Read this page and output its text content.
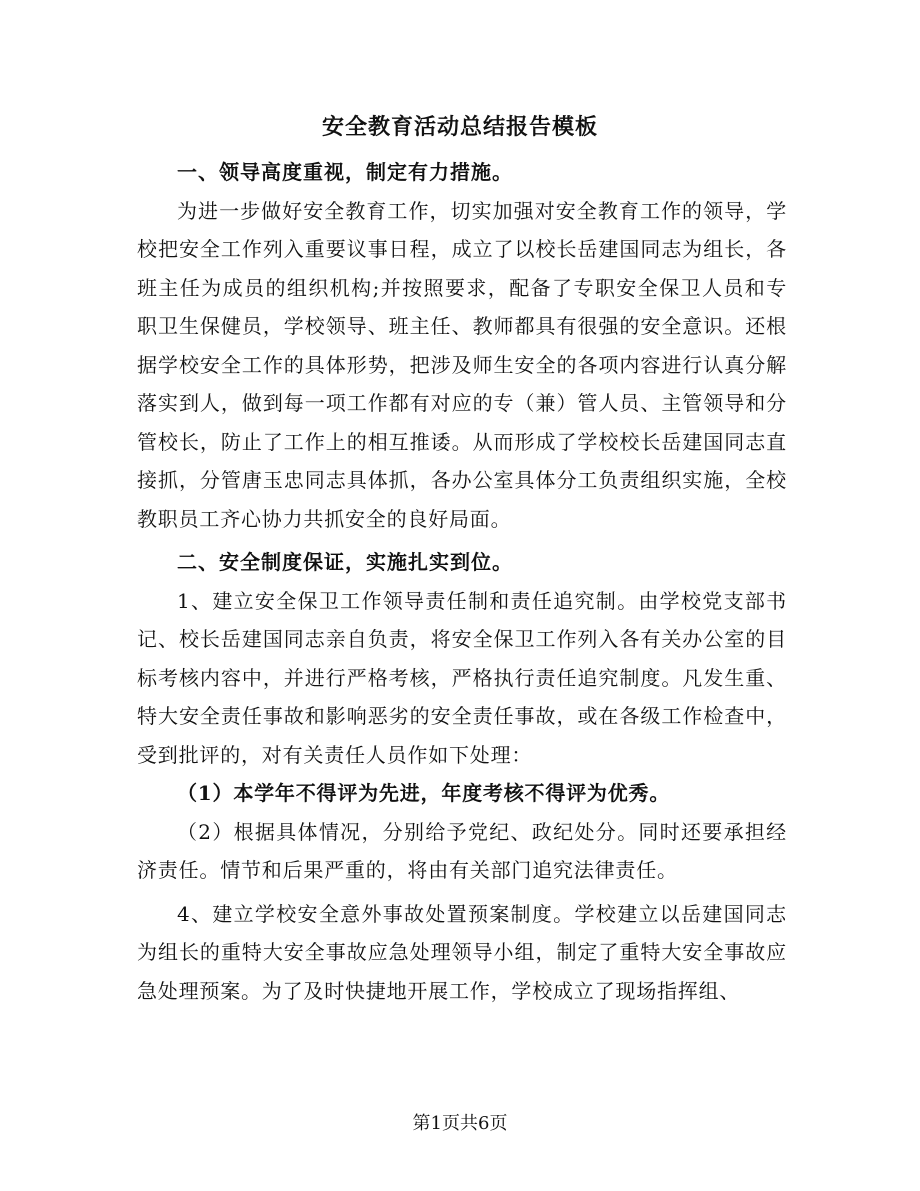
安全教育活动总结报告模板

一、领导高度重视，制定有力措施。

为进一步做好安全教育工作，切实加强对安全教育工作的领导，学校把安全工作列入重要议事日程，成立了以校长岳建国同志为组长，各班主任为成员的组织机构;并按照要求，配备了专职安全保卫人员和专职卫生保健员，学校领导、班主任、教师都具有很强的安全意识。还根据学校安全工作的具体形势，把涉及师生安全的各项内容进行认真分解落实到人，做到每一项工作都有对应的专（兼）管人员、主管领导和分管校长，防止了工作上的相互推诿。从而形成了学校校长岳建国同志直接抓，分管唐玉忠同志具体抓，各办公室具体分工负责组织实施，全校教职员工齐心协力共抓安全的良好局面。

二、安全制度保证，实施扎实到位。

1、建立安全保卫工作领导责任制和责任追究制。由学校党支部书记、校长岳建国同志亲自负责，将安全保卫工作列入各有关办公室的目标考核内容中，并进行严格考核，严格执行责任追究制度。凡发生重、特大安全责任事故和影响恶劣的安全责任事故，或在各级工作检查中，受到批评的，对有关责任人员作如下处理：

（1）本学年不得评为先进，年度考核不得评为优秀。

（2）根据具体情况，分别给予党纪、政纪处分。同时还要承担经济责任。情节和后果严重的，将由有关部门追究法律责任。

4、建立学校安全意外事故处置预案制度。学校建立以岳建国同志为组长的重特大安全事故应急处理领导小组，制定了重特大安全事故应急处理预案。为了及时快捷地开展工作，学校成立了现场指挥组、

第1页共6页
